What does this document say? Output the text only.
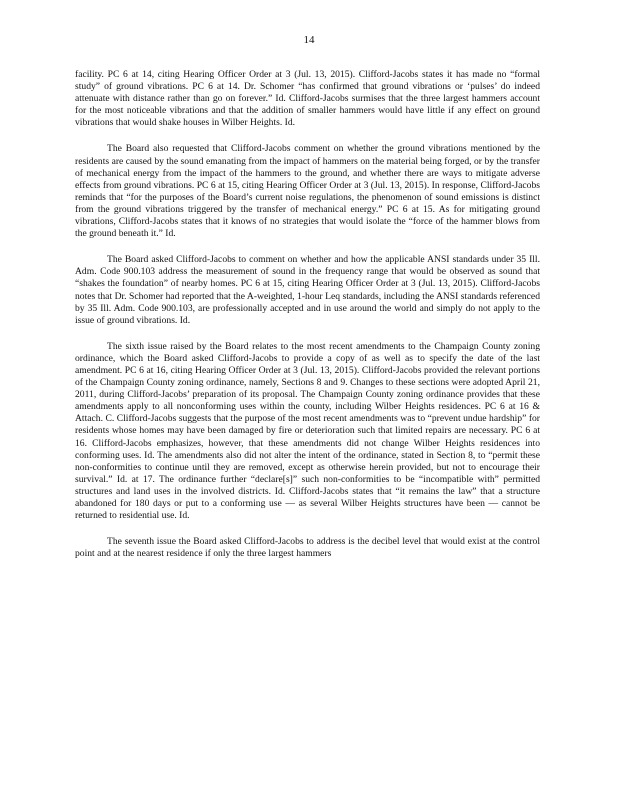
14

facility. PC 6 at 14, citing Hearing Officer Order at 3 (Jul. 13, 2015). Clifford-Jacobs states it has made no “formal study” of ground vibrations. PC 6 at 14. Dr. Schomer “has confirmed that ground vibrations or ‘pulses’ do indeed attenuate with distance rather than go on forever.” Id. Clifford-Jacobs surmises that the three largest hammers account for the most noticeable vibrations and that the addition of smaller hammers would have little if any effect on ground vibrations that would shake houses in Wilber Heights. Id.

The Board also requested that Clifford-Jacobs comment on whether the ground vibrations mentioned by the residents are caused by the sound emanating from the impact of hammers on the material being forged, or by the transfer of mechanical energy from the impact of the hammers to the ground, and whether there are ways to mitigate adverse effects from ground vibrations. PC 6 at 15, citing Hearing Officer Order at 3 (Jul. 13, 2015). In response, Clifford-Jacobs reminds that “for the purposes of the Board’s current noise regulations, the phenomenon of sound emissions is distinct from the ground vibrations triggered by the transfer of mechanical energy.” PC 6 at 15. As for mitigating ground vibrations, Clifford-Jacobs states that it knows of no strategies that would isolate the “force of the hammer blows from the ground beneath it.” Id.

The Board asked Clifford-Jacobs to comment on whether and how the applicable ANSI standards under 35 Ill. Adm. Code 900.103 address the measurement of sound in the frequency range that would be observed as sound that “shakes the foundation” of nearby homes. PC 6 at 15, citing Hearing Officer Order at 3 (Jul. 13, 2015). Clifford-Jacobs notes that Dr. Schomer had reported that the A-weighted, 1-hour Leq standards, including the ANSI standards referenced by 35 Ill. Adm. Code 900.103, are professionally accepted and in use around the world and simply do not apply to the issue of ground vibrations. Id.

The sixth issue raised by the Board relates to the most recent amendments to the Champaign County zoning ordinance, which the Board asked Clifford-Jacobs to provide a copy of as well as to specify the date of the last amendment. PC 6 at 16, citing Hearing Officer Order at 3 (Jul. 13, 2015). Clifford-Jacobs provided the relevant portions of the Champaign County zoning ordinance, namely, Sections 8 and 9. Changes to these sections were adopted April 21, 2011, during Clifford-Jacobs’ preparation of its proposal. The Champaign County zoning ordinance provides that these amendments apply to all nonconforming uses within the county, including Wilber Heights residences. PC 6 at 16 & Attach. C. Clifford-Jacobs suggests that the purpose of the most recent amendments was to “prevent undue hardship” for residents whose homes may have been damaged by fire or deterioration such that limited repairs are necessary. PC 6 at 16. Clifford-Jacobs emphasizes, however, that these amendments did not change Wilber Heights residences into conforming uses. Id. The amendments also did not alter the intent of the ordinance, stated in Section 8, to “permit these non-conformities to continue until they are removed, except as otherwise herein provided, but not to encourage their survival.” Id. at 17. The ordinance further “declare[s]” such non-conformities to be “incompatible with” permitted structures and land uses in the involved districts. Id. Clifford-Jacobs states that “it remains the law” that a structure abandoned for 180 days or put to a conforming use — as several Wilber Heights structures have been — cannot be returned to residential use. Id.

The seventh issue the Board asked Clifford-Jacobs to address is the decibel level that would exist at the control point and at the nearest residence if only the three largest hammers
